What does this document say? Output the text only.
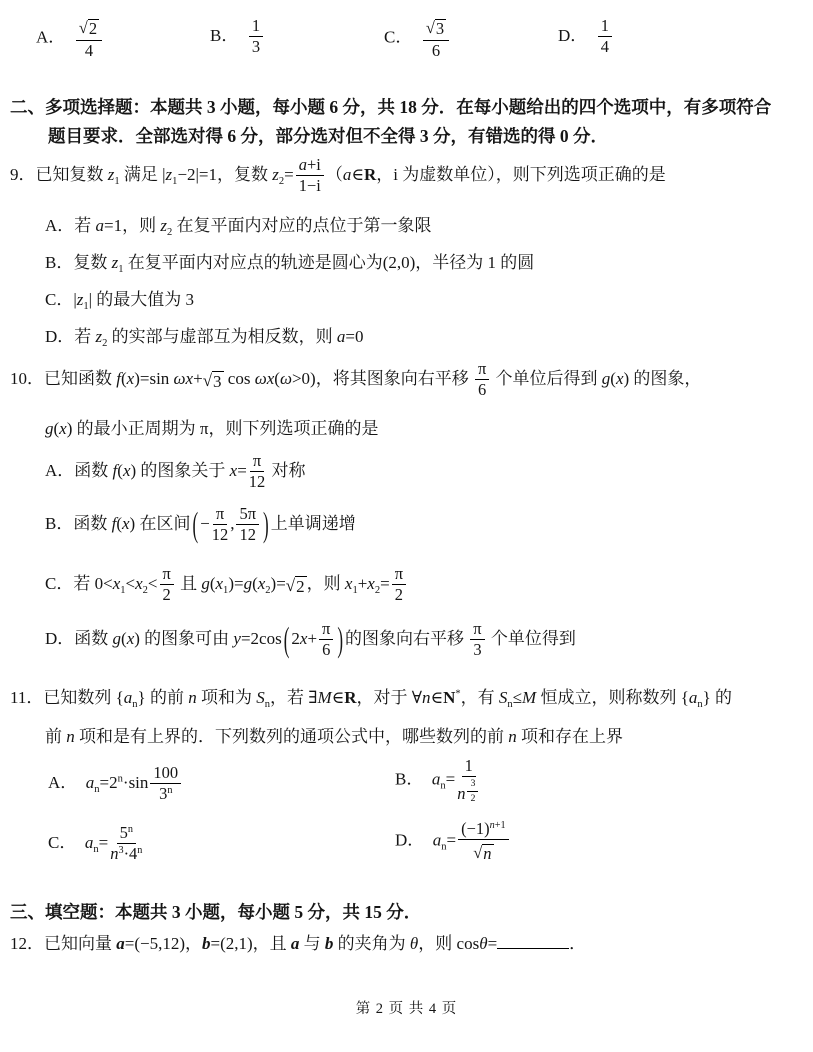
A． $\frac{√ 2}{4}$	B． $\frac{1}{3}$	C． $\frac{√ 3}{6}$	D． $\frac{1}{4}$
二、多项选择题：本题共 3 小题，每小题 6 分，共 18 分．在每小题给出的四个选项中，有多项符合
题目要求．全部选对得 6 分，部分选对但不全得 3 分，有错选的得 0 分．
9．已知复数 $z_1$ 满足 $|z_1-2|=1$，复数 $z_2= \frac{a+i}{1-i}$ （a∈R，i 为虚数单位），则下列选项正确的是
A．若 a=1，则 $z_2$ 在复平面内对应的点位于第一象限
B．复数 $z_1$ 在复平面内对应点的轨迹是圆心为(2,0)，半径为 1 的圆
C．$|z_1|$ 的最大值为 3
D．若 $z_2$ 的实部与虚部互为相反数，则 a=0
10．已知函数 f(x)=sin ωx+ √ 3 cos ωx(ω>0)，将其图象向右平移 $\frac{\pi}{6}$ 个单位后得到 g(x) 的图象，
g(x) 的最小正周期为 π，则下列选项正确的是
A．函数 f(x) 的图象关于 $x= \frac{\pi}{12}$ 对称
B．函数 f(x) 在区间 ( − $\frac{\pi}{12}$ , $\frac{5\pi}{12}$ ) 上单调递增
C．若 $0<x_1<x_2< \frac{\pi}{2}$ 且 $g(x_1)=g(x_2)=$ √ 2 ，则 $x_1+x_2= \frac{\pi}{2}$
D．函数 g(x) 的图象可由 y=2cos ( $2x+ \frac{\pi}{6}$ ) 的图象向右平移 $\frac{\pi}{3}$ 个单位得到
11．已知数列 $\{a_n\}$ 的前 n 项和为 $S_n$，若 ∃M∈R，对于 ∀n∈N*，有 $S_n\le M$ 恒成立，则称数列 $\{a_n\}$ 的
前 n 项和是有上界的．下列数列的通项公式中，哪些数列的前 n 项和存在上界
A．  $a_n=2^n\cdot\sin \frac{100}{3^n}$	B．  $a_n= 1$
n $^{\frac{3}{2}}$
C．  $a_n= \frac{5^n}{n^3\cdot 4^n}$	D．  $a_n= \frac{(-1)^{n+1}}{√ n}$
三、填空题：本题共 3 小题，每小题 5 分，共 15 分．
12．已知向量 a=(−5,12)，b=(2,1)，且 a 与 b 的夹角为 θ，则 cosθ=	．
第 2 页 共 4 页
